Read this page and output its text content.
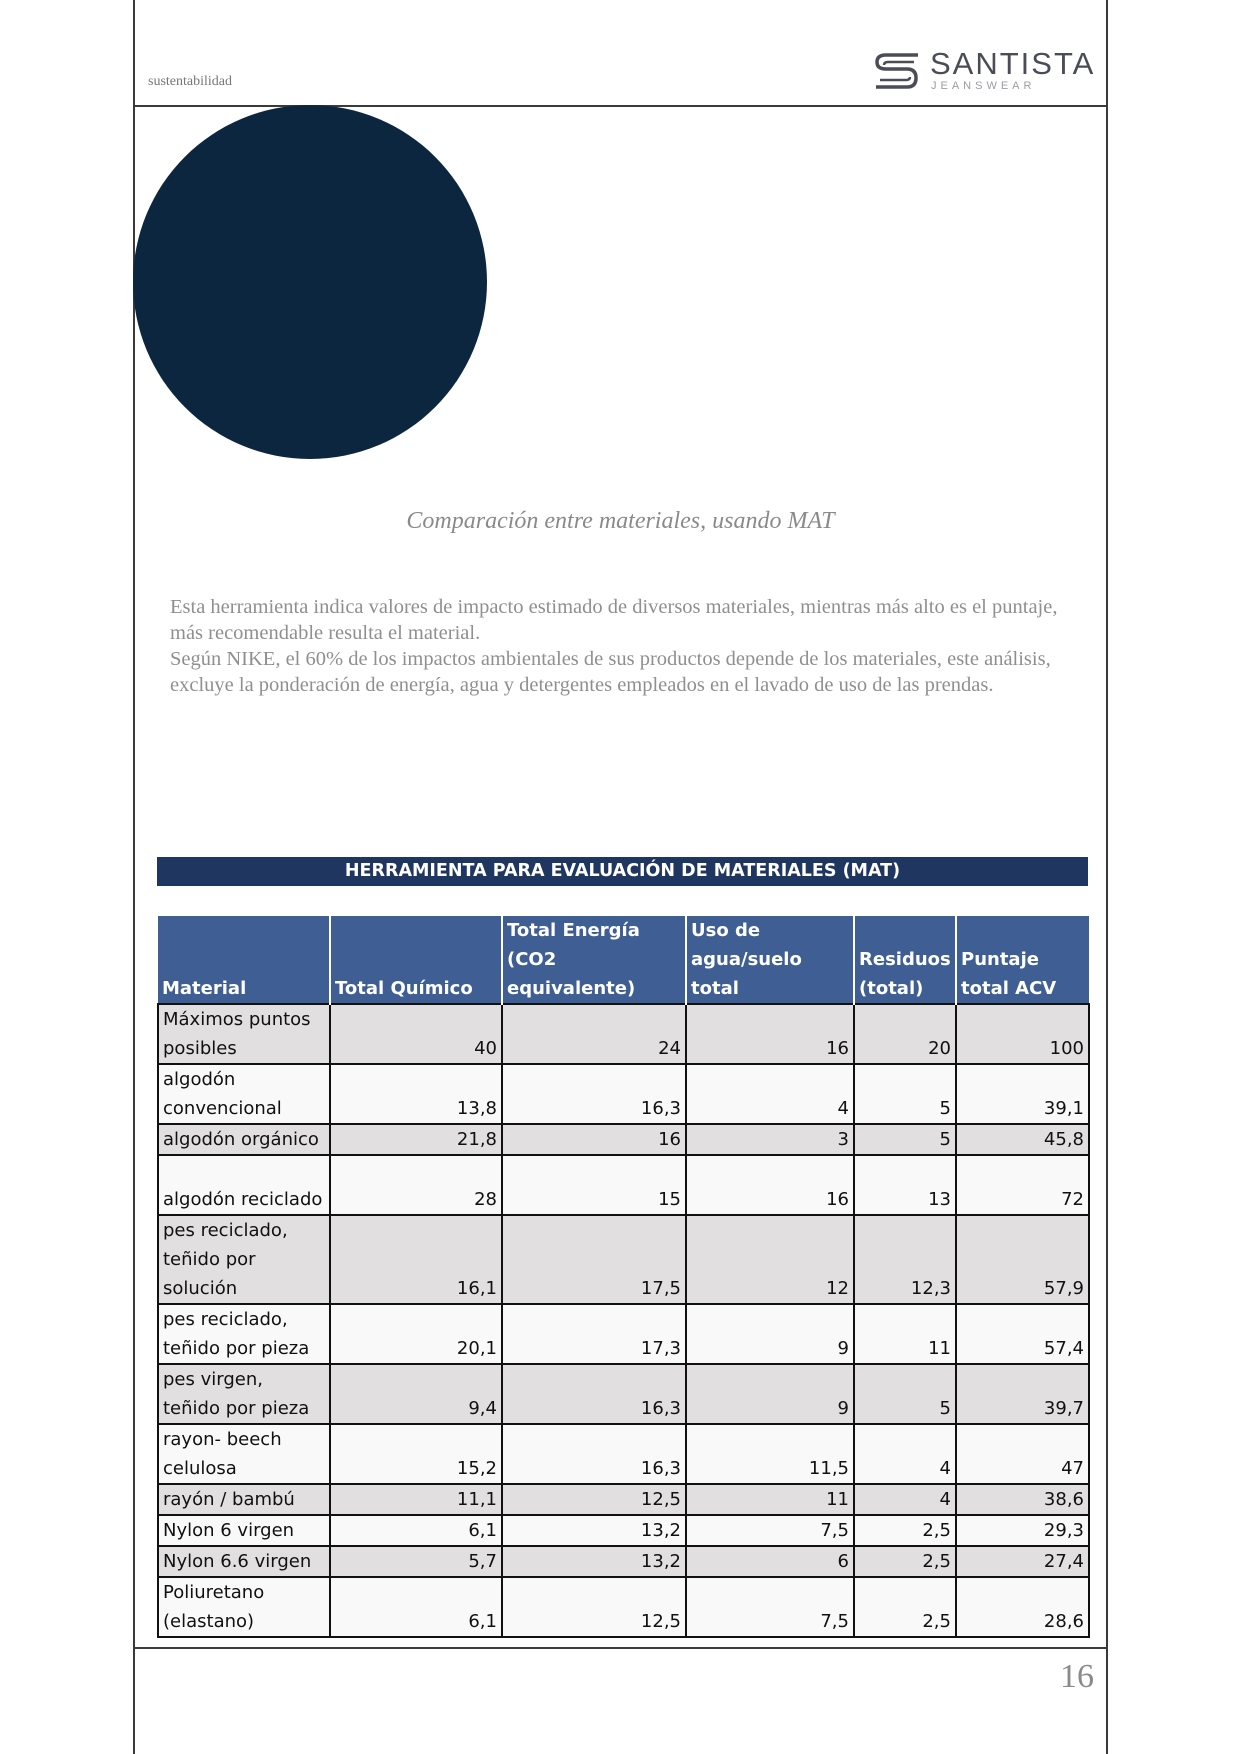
sustentabilidad
SANTISTA
JEANSWEAR
Comparación entre materiales, usando MAT

Esta herramienta indica valores de impacto estimado de diversos materiales, mientras más alto es el puntaje, más recomendable resulta el material.

Según NIKE, el 60% de los impactos ambientales de sus productos depende de los materiales, este análisis, excluye la ponderación de energía, agua y detergentes empleados en el lavado de uso de las prendas.

HERRAMIENTA PARA EVALUACIÓN DE MATERIALES (MAT)
Material	Total Químico	Total Energía (CO2 equivalente)	Uso de agua/suelo total	Residuos (total)	Puntaje total ACV
Máximos puntos posibles	40	24	16	20	100
algodón convencional	13,8	16,3	4	5	39,1
algodón orgánico	21,8	16	3	5	45,8

algodón reciclado	28	15	16	13	72
pes reciclado, teñido por solución	16,1	17,5	12	12,3	57,9
pes reciclado, teñido por pieza	20,1	17,3	9	11	57,4
pes virgen, teñido por pieza	9,4	16,3	9	5	39,7
rayon- beech celulosa	15,2	16,3	11,5	4	47
rayón / bambú	11,1	12,5	11	4	38,6
Nylon 6 virgen	6,1	13,2	7,5	2,5	29,3
Nylon 6.6 virgen	5,7	13,2	6	2,5	27,4
Poliuretano (elastano)	6,1	12,5	7,5	2,5	28,6
16
